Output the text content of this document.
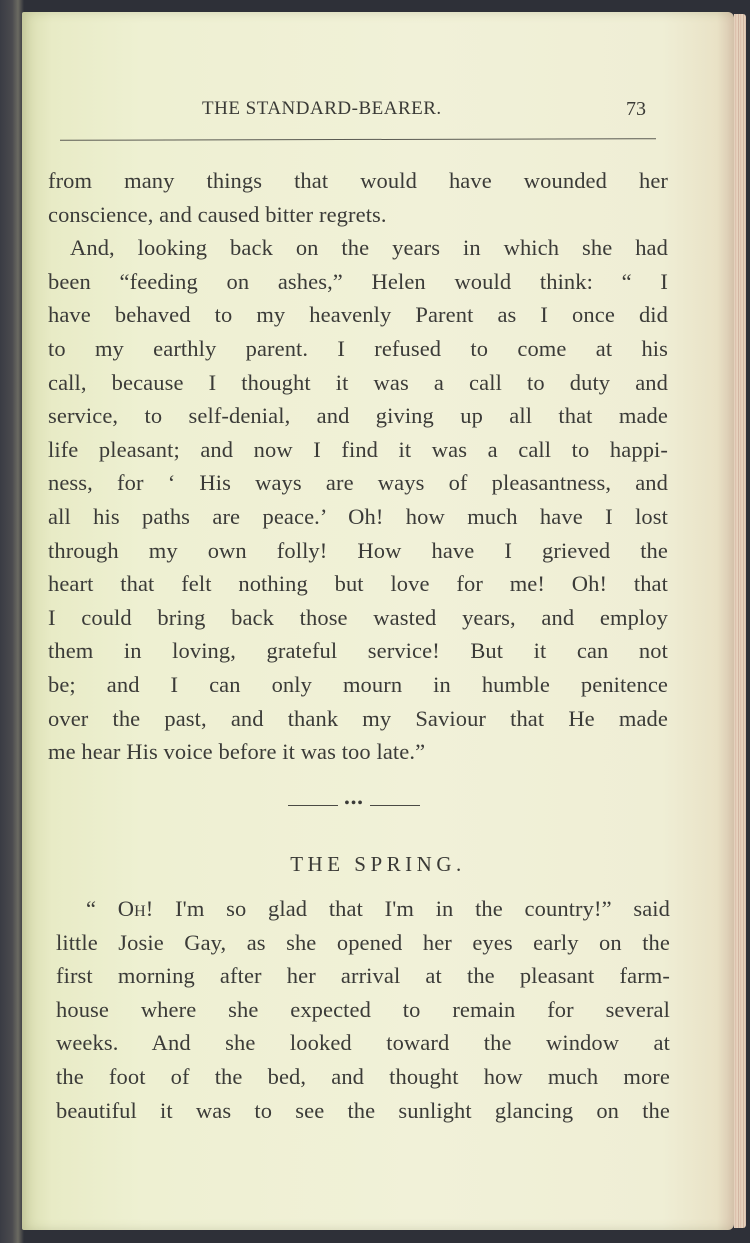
THE STANDARD-BEARER.	73
from many things that would have wounded her
conscience, and caused bitter regrets.
And, looking back on the years in which she had
been “feeding on ashes,” Helen would think: “ I
have behaved to my heavenly Parent as I once did
to my earthly parent. I refused to come at his
call, because I thought it was a call to duty and
service, to self-denial, and giving up all that made
life pleasant; and now I find it was a call to happi-
ness, for ‘ His ways are ways of pleasantness, and
all his paths are peace.’ Oh! how much have I lost
through my own folly! How have I grieved the
heart that felt nothing but love for me! Oh! that
I could bring back those wasted years, and employ
them in loving, grateful service! But it can not
be; and I can only mourn in humble penitence
over the past, and thank my Saviour that He made
me hear His voice before it was too late.”
•••
THE SPRING.
“ Oh! I'm so glad that I'm in the country!” said
little Josie Gay, as she opened her eyes early on the
first morning after her arrival at the pleasant farm-
house where she expected to remain for several
weeks. And she looked toward the window at
the foot of the bed, and thought how much more
beautiful it was to see the sunlight glancing on the
